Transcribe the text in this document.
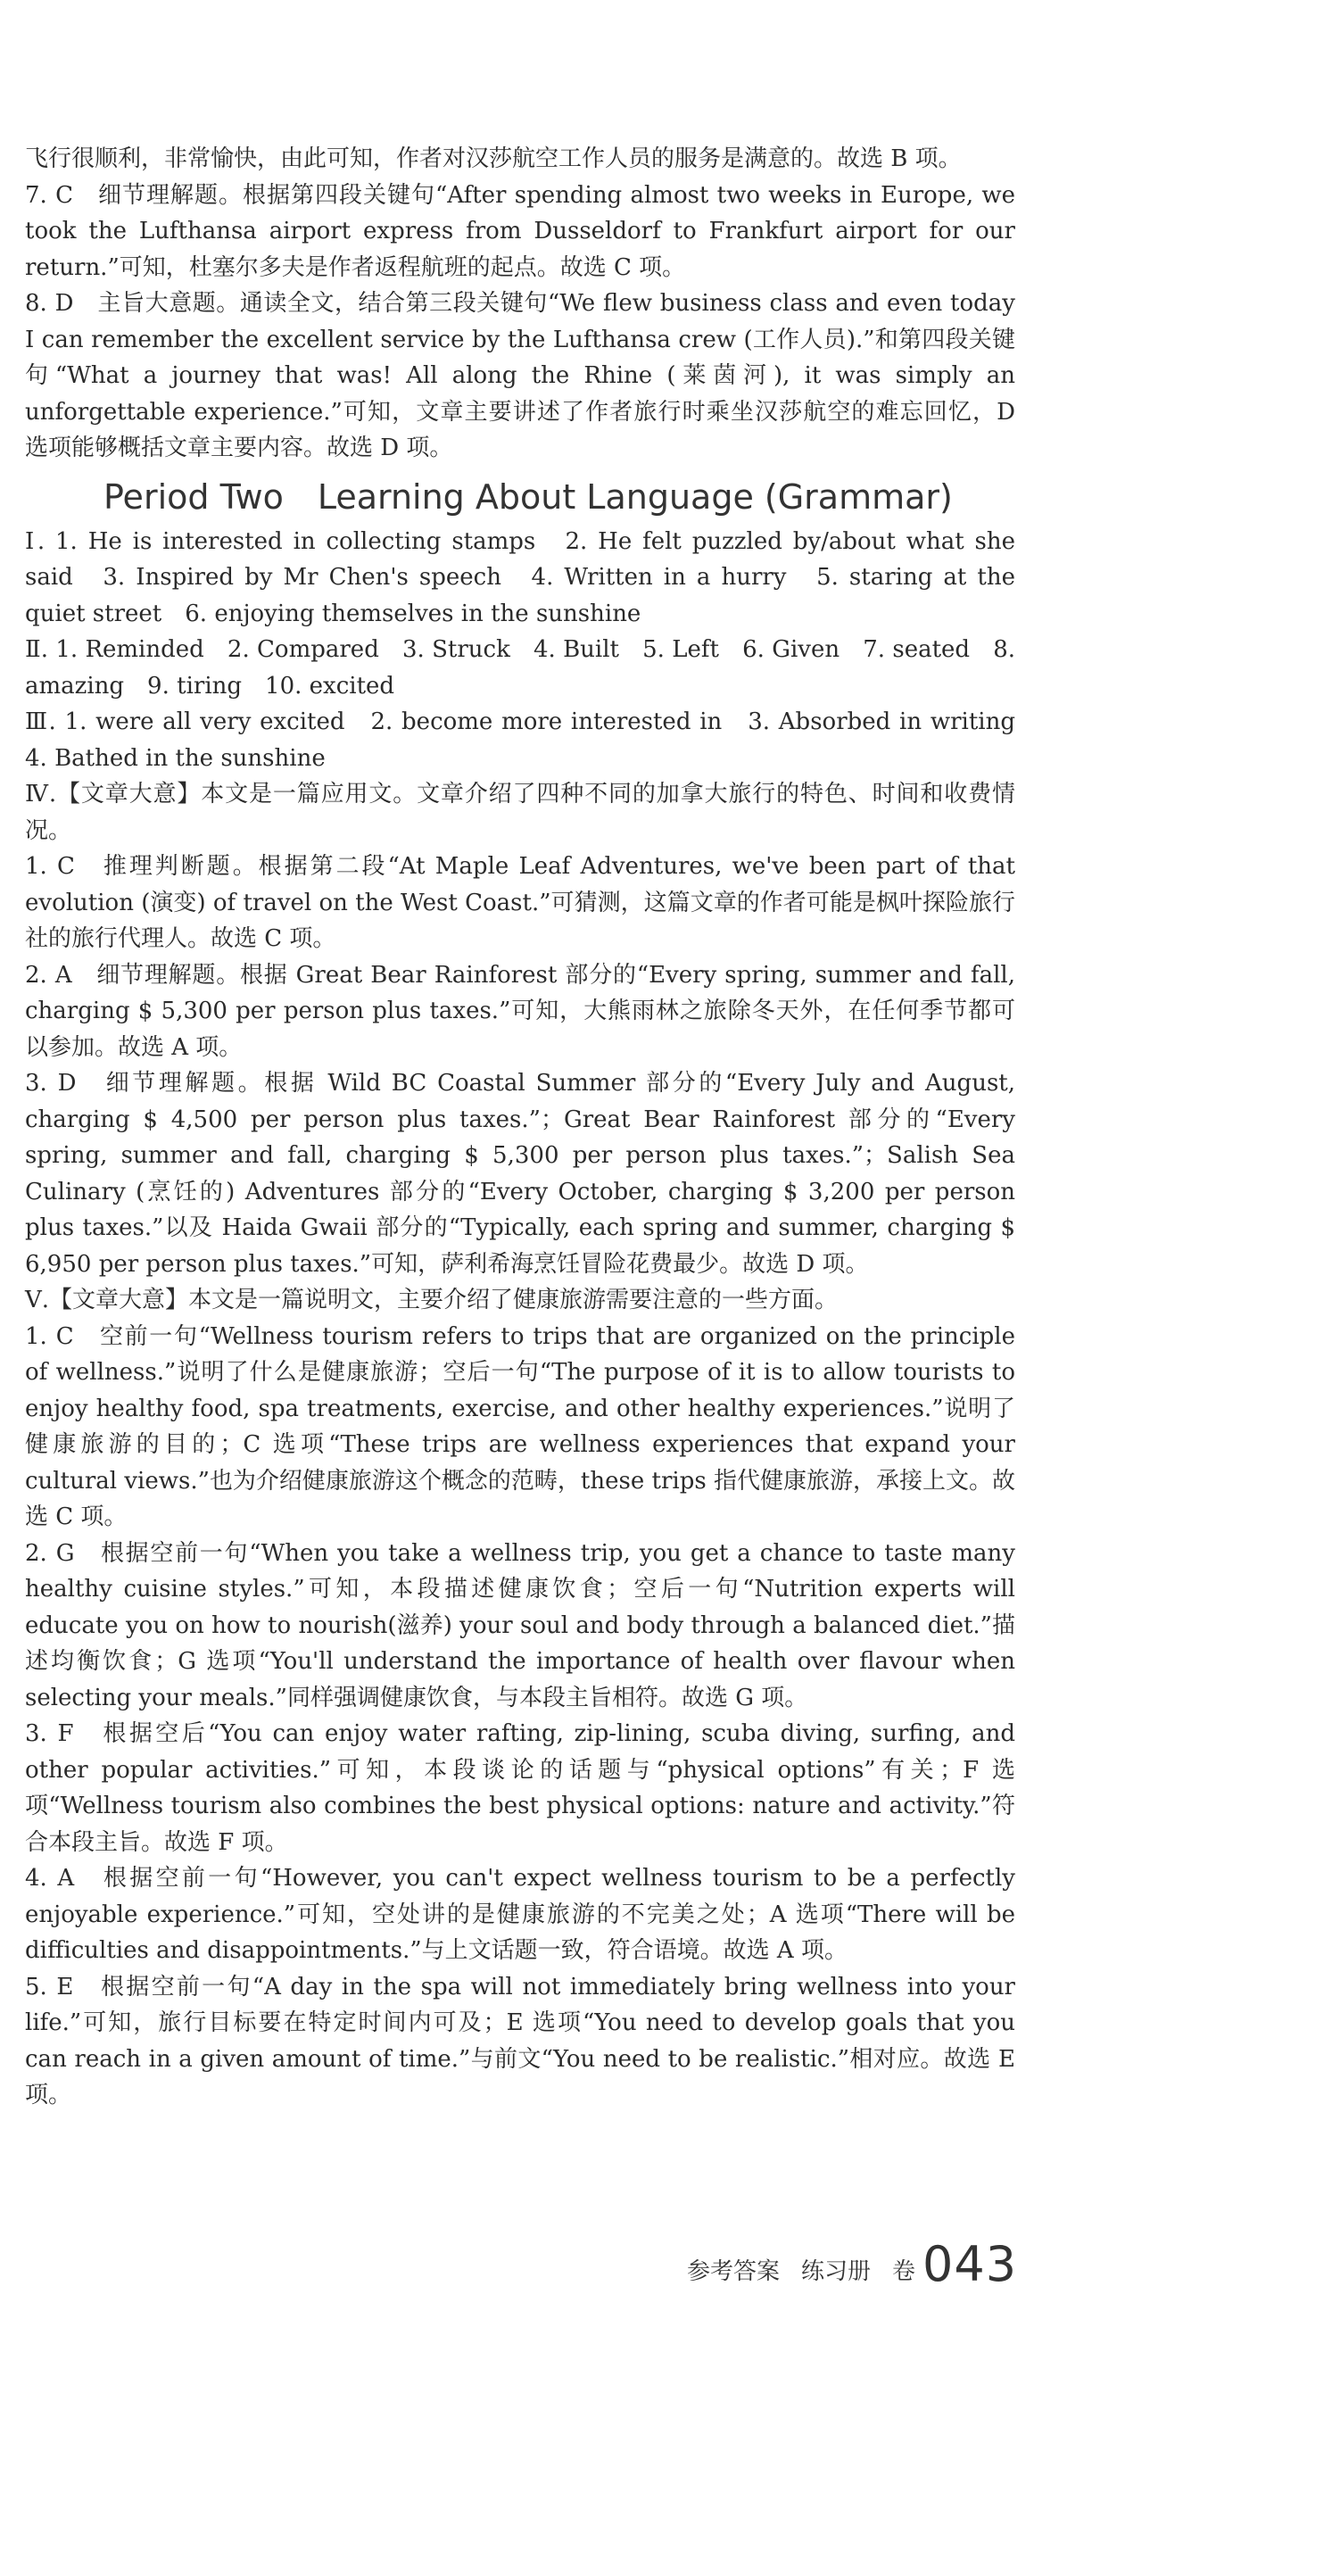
飞行很顺利，非常愉快，由此可知，作者对汉莎航空工作人员的服务是满意的。故选 B 项。

7. C　细节理解题。根据第四段关键句“After spending almost two weeks in Europe, we took the Lufthansa airport express from Dusseldorf to Frankfurt airport for our return.”可知，杜塞尔多夫是作者返程航班的起点。故选 C 项。

8. D　主旨大意题。通读全文，结合第三段关键句“We flew business class and even today I can remember the excellent service by the Lufthansa crew (工作人员).”和第四段关键句“What a journey that was! All along the Rhine (莱茵河), it was simply an unforgettable experience.”可知，文章主要讲述了作者旅行时乘坐汉莎航空的难忘回忆，D 选项能够概括文章主要内容。故选 D 项。

Period Two　Learning About Language (Grammar)

Ⅰ. 1. He is interested in collecting stamps　2. He felt puzzled by/about what she said　3. Inspired by Mr Chen's speech　4. Written in a hurry　5. staring at the quiet street　6. enjoying themselves in the sunshine

Ⅱ. 1. Reminded　2. Compared　3. Struck　4. Built　5. Left　6. Given　7. seated　8. amazing　9. tiring　10. excited

Ⅲ. 1. were all very excited　2. become more interested in　3. Absorbed in writing　4. Bathed in the sunshine

Ⅳ.【文章大意】本文是一篇应用文。文章介绍了四种不同的加拿大旅行的特色、时间和收费情况。

1. C　推理判断题。根据第二段“At Maple Leaf Adventures, we've been part of that evolution (演变) of travel on the West Coast.”可猜测，这篇文章的作者可能是枫叶探险旅行社的旅行代理人。故选 C 项。

2. A　细节理解题。根据 Great Bear Rainforest 部分的“Every spring, summer and fall, charging $ 5,300 per person plus taxes.”可知，大熊雨林之旅除冬天外，在任何季节都可以参加。故选 A 项。

3. D　细节理解题。根据 Wild BC Coastal Summer 部分的“Every July and August, charging $ 4,500 per person plus taxes.”；Great Bear Rainforest 部分的“Every spring, summer and fall, charging $ 5,300 per person plus taxes.”；Salish Sea Culinary (烹饪的) Adventures 部分的“Every October, charging $ 3,200 per person plus taxes.”以及 Haida Gwaii 部分的“Typically, each spring and summer, charging $ 6,950 per person plus taxes.”可知，萨利希海烹饪冒险花费最少。故选 D 项。

Ⅴ.【文章大意】本文是一篇说明文，主要介绍了健康旅游需要注意的一些方面。

1. C　空前一句“Wellness tourism refers to trips that are organized on the principle of wellness.”说明了什么是健康旅游；空后一句“The purpose of it is to allow tourists to enjoy healthy food, spa treatments, exercise, and other healthy experiences.”说明了健康旅游的目的；C 选项“These trips are wellness experiences that expand your cultural views.”也为介绍健康旅游这个概念的范畴，these trips 指代健康旅游，承接上文。故选 C 项。

2. G　根据空前一句“When you take a wellness trip, you get a chance to taste many healthy cuisine styles.”可知，本段描述健康饮食；空后一句“Nutrition experts will educate you on how to nourish(滋养) your soul and body through a balanced diet.”描述均衡饮食；G 选项“You'll understand the importance of health over flavour when selecting your meals.”同样强调健康饮食，与本段主旨相符。故选 G 项。

3. F　根据空后“You can enjoy water rafting, zip-lining, scuba diving, surfing, and other popular activities.”可知，本段谈论的话题与“physical options”有关；F 选项“Wellness tourism also combines the best physical options: nature and activity.”符合本段主旨。故选 F 项。

4. A　根据空前一句“However, you can't expect wellness tourism to be a perfectly enjoyable experience.”可知，空处讲的是健康旅游的不完美之处；A 选项“There will be difficulties and disappointments.”与上文话题一致，符合语境。故选 A 项。

5. E　根据空前一句“A day in the spa will not immediately bring wellness into your life.”可知，旅行目标要在特定时间内可及；E 选项“You need to develop goals that you can reach in a given amount of time.”与前文“You need to be realistic.”相对应。故选 E 项。

参考答案 练习册 卷 043
